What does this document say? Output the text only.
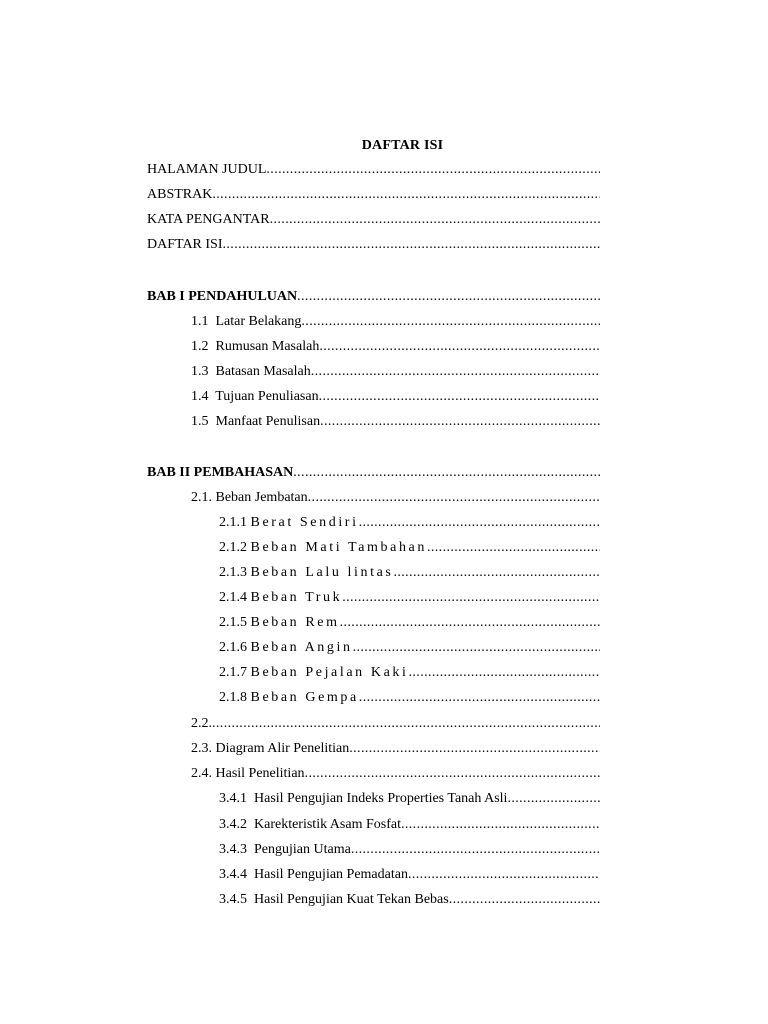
DAFTAR ISI
HALAMAN JUDUL
.....
ABSTRAK
.....
KATA PENGANTAR
.....
DAFTAR ISI
.....
BAB I PENDAHULUAN
.....
1.1 Latar Belakang
.....
1.2 Rumusan Masalah
.....
1.3 Batasan Masalah
.....
1.4 Tujuan Penuliasan
.....
1.5 Manfaat Penulisan
.....
BAB II PEMBAHASAN
.....
2.1. Beban Jembatan
.....
2.1.1 Berat Sendiri
.....
2.1.2 Beban Mati Tambahan
.....
2.1.3 Beban Lalu lintas
.....
2.1.4 Beban Truk
.....
2.1.5 Beban Rem
.....
2.1.6 Beban Angin
.....
2.1.7 Beban Pejalan Kaki
.....
2.1.8 Beban Gempa
.....
2.2.
.....
2.3. Diagram Alir Penelitian
.....
2.4. Hasil Penelitian
.....
3.4.1 Hasil Pengujian Indeks Properties Tanah Asli
.....
3.4.2 Karekteristik Asam Fosfat
.....
3.4.3 Pengujian Utama
.....
3.4.4 Hasil Pengujian Pemadatan
.....
3.4.5 Hasil Pengujian Kuat Tekan Bebas
.....
